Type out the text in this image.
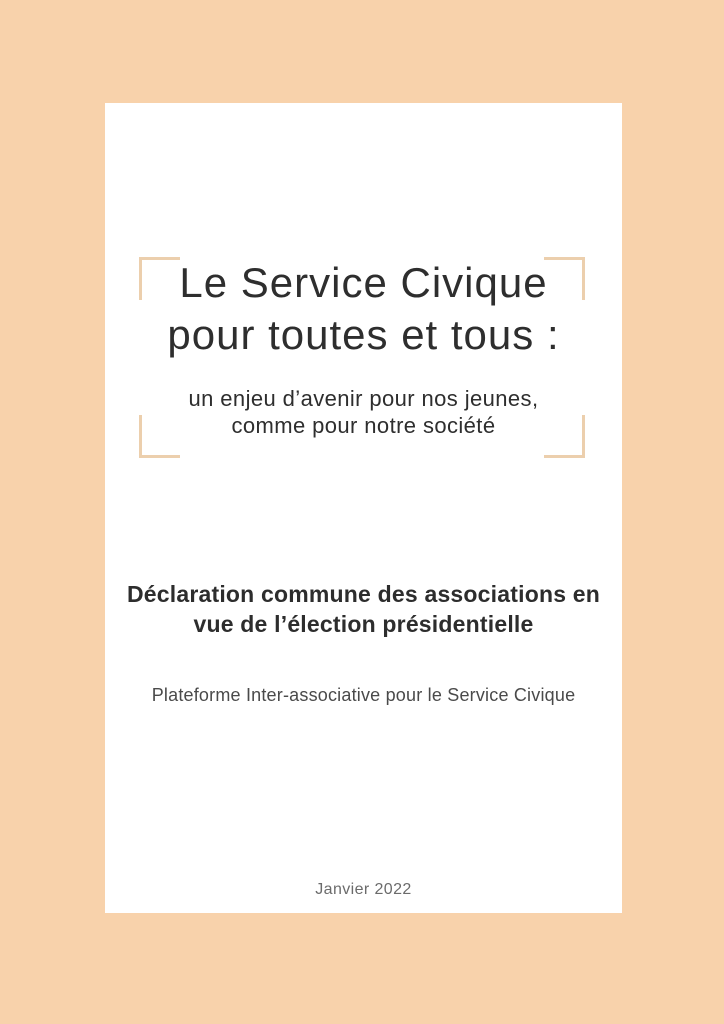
Le Service Civique
pour toutes et tous :

un enjeu d’avenir pour nos jeunes,
comme pour notre société

Déclaration commune des associations en
vue de l’élection présidentielle

Plateforme Inter-associative pour le Service Civique

Janvier 2022
